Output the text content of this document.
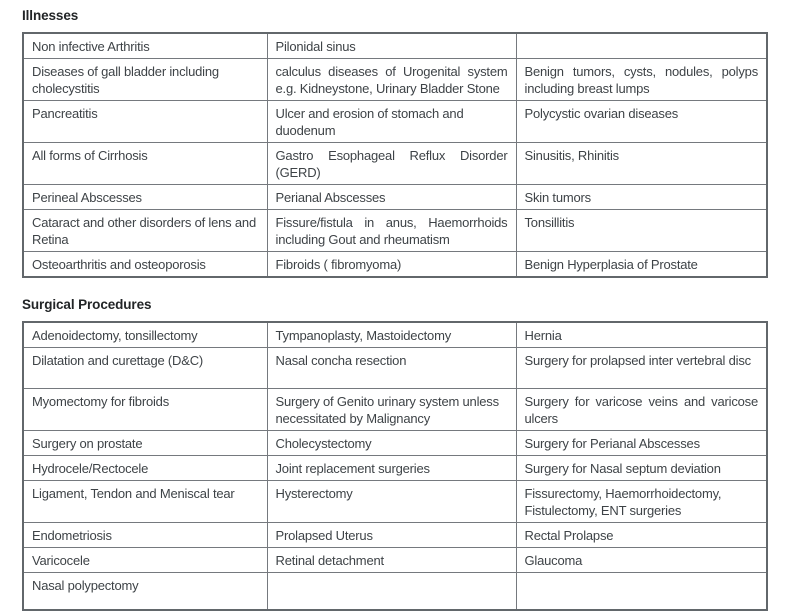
Illnesses
Non infective Arthritis	Pilonidal sinus	
Diseases of gall bladder including cholecystitis	calculus diseases of Urogenital system e.g. Kidneystone, Urinary Bladder Stone	Benign tumors, cysts, nodules, polyps including breast lumps
Pancreatitis	Ulcer and erosion of stomach and duodenum	Polycystic ovarian diseases
All forms of Cirrhosis	Gastro Esophageal Reflux Disorder (GERD)	Sinusitis, Rhinitis
Perineal Abscesses	Perianal Abscesses	Skin tumors
Cataract and other disorders of lens and Retina	Fissure/fistula in anus, Haemorrhoids including Gout and rheumatism	Tonsillitis
Osteoarthritis and osteoporosis	Fibroids ( fibromyoma)	Benign Hyperplasia of Prostate
Surgical Procedures
Adenoidectomy, tonsillectomy	Tympanoplasty, Mastoidectomy	Hernia
Dilatation and curettage (D&C)	Nasal concha resection	Surgery for prolapsed inter vertebral disc
Myomectomy for fibroids	Surgery of Genito urinary system unless necessitated by Malignancy	Surgery for varicose veins and varicose ulcers
Surgery on prostate	Cholecystectomy	Surgery for Perianal Abscesses
Hydrocele/Rectocele	Joint replacement surgeries	Surgery for Nasal septum deviation
Ligament, Tendon and Meniscal tear	Hysterectomy	Fissurectomy, Haemorrhoidectomy, Fistulectomy, ENT surgeries
Endometriosis	Prolapsed Uterus	Rectal Prolapse
Varicocele	Retinal detachment	Glaucoma
Nasal polypectomy		
